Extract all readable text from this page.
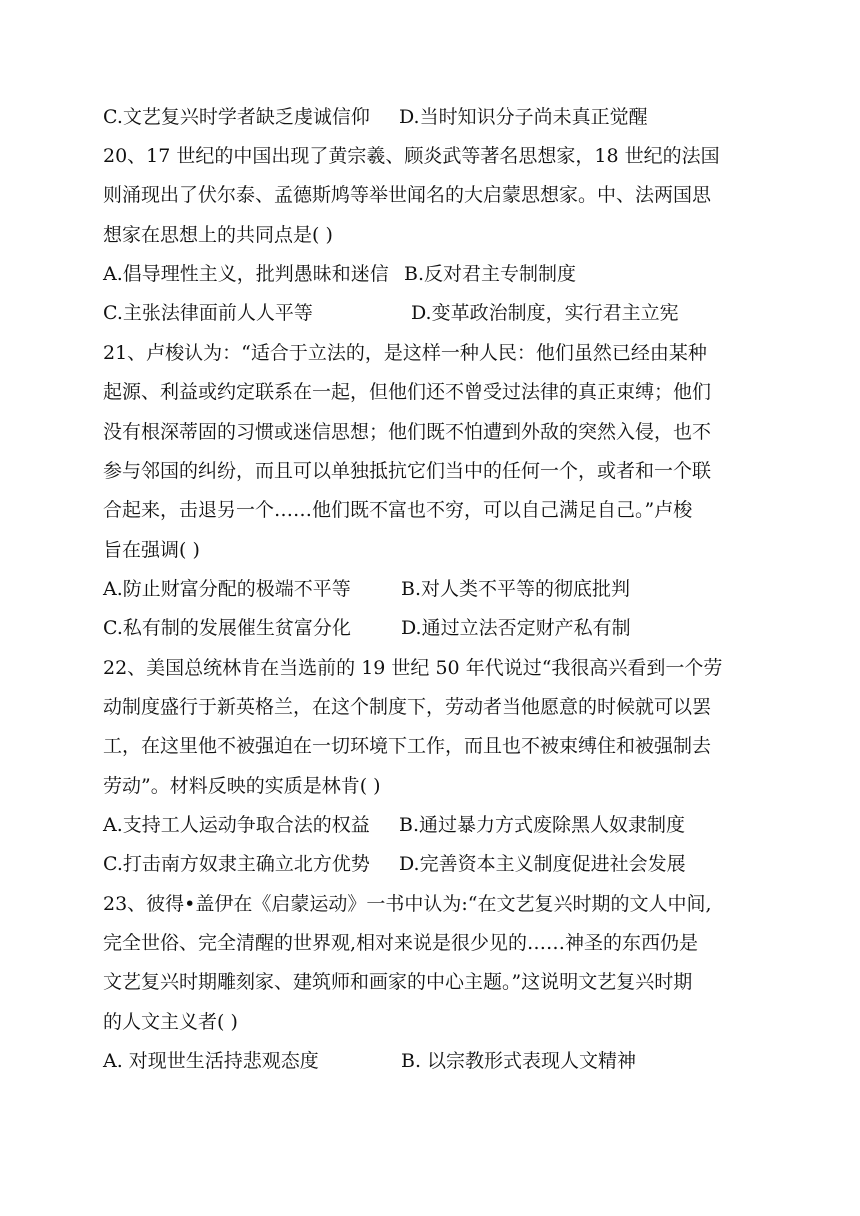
C.文艺复兴时学者缺乏虔诚信仰 D.当时知识分子尚未真正觉醒
20、17 世纪的中国出现了黄宗羲、顾炎武等著名思想家，18 世纪的法国
则涌现出了伏尔泰、孟德斯鸠等举世闻名的大启蒙思想家。中、法两国思
想家在思想上的共同点是( )
A.倡导理性主义，批判愚昧和迷信 B.反对君主专制制度
C.主张法律面前人人平等	D.变革政治制度，实行君主立宪
21、卢梭认为：“适合于立法的，是这样一种人民：他们虽然已经由某种
起源、利益或约定联系在一起，但他们还不曾受过法律的真正束缚；他们
没有根深蒂固的习惯或迷信思想；他们既不怕遭到外敌的突然入侵，也不
参与邻国的纠纷，而且可以单独抵抗它们当中的任何一个，或者和一个联
合起来，击退另一个……他们既不富也不穷，可以自己满足自己。”卢梭
旨在强调( )
A.防止财富分配的极端不平等	B.对人类不平等的彻底批判
C.私有制的发展催生贫富分化	D.通过立法否定财产私有制
22、美国总统林肯在当选前的 19 世纪 50 年代说过“我很高兴看到一个劳
动制度盛行于新英格兰，在这个制度下，劳动者当他愿意的时候就可以罢
工，在这里他不被强迫在一切环境下工作，而且也不被束缚住和被强制去
劳动”。材料反映的实质是林肯( )
A.支持工人运动争取合法的权益 B.通过暴力方式废除黑人奴隶制度
C.打击南方奴隶主确立北方优势 D.完善资本主义制度促进社会发展
23、彼得•盖伊在《启蒙运动》一书中认为:“在文艺复兴时期的文人中间,
完全世俗、完全清醒的世界观,相对来说是很少见的……神圣的东西仍是
文艺复兴时期雕刻家、建筑师和画家的中心主题。”这说明文艺复兴时期
的人文主义者( )
A. 对现世生活持悲观态度	B. 以宗教形式表现人文精神
